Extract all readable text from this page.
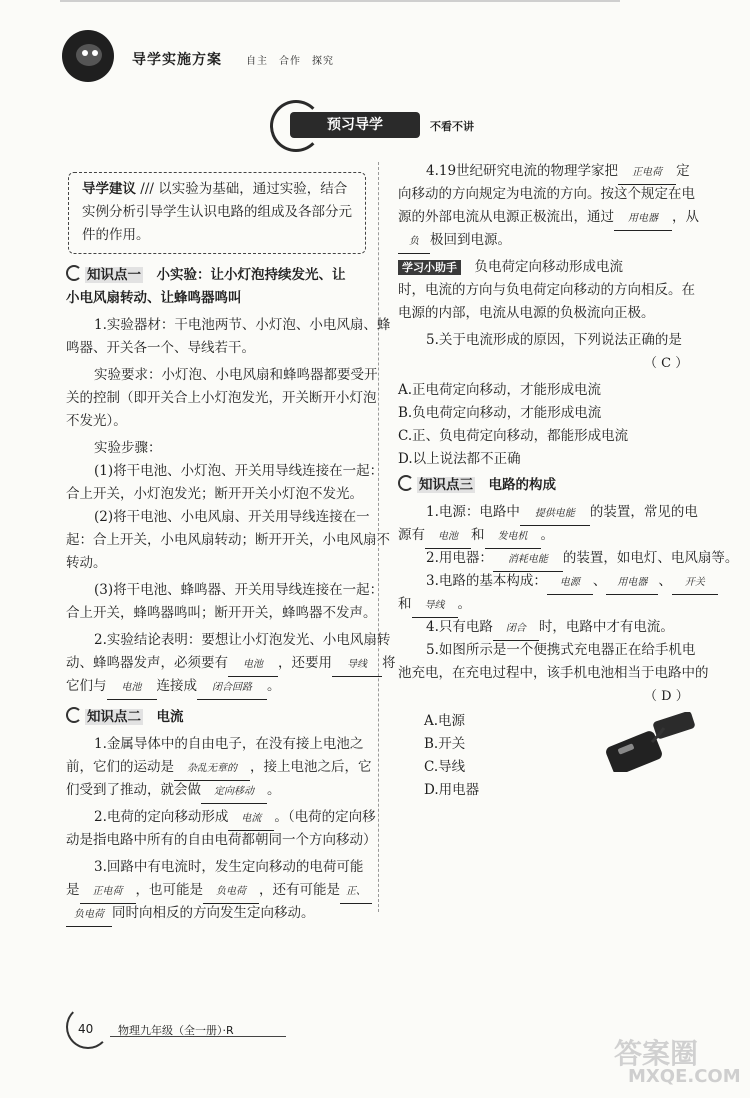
导学实施方案 自主　合作　探究
预习导学	不看不讲
导学建议 /// 以实验为基础，通过实验，结合实例分析引导学生认识电路的组成及各部分元件的作用。
知识点一　 小实验：让小灯泡持续发光、让
小电风扇转动、让蜂鸣器鸣叫
1.实验器材：干电池两节、小灯泡、小电风扇、蜂
鸣器、开关各一个、导线若干。
实验要求：小灯泡、小电风扇和蜂鸣器都要受开
关的控制（即开关合上小灯泡发光，开关断开小灯泡
不发光）。
实验步骤：
(1)将干电池、小灯泡、开关用导线连接在一起：
合上开关，小灯泡发光；断开开关小灯泡不发光。
(2)将干电池、小电风扇、开关用导线连接在一
起：合上开关，小电风扇转动；断开开关，小电风扇不
转动。
(3)将干电池、蜂鸣器、开关用导线连接在一起：
合上开关，蜂鸣器鸣叫；断开开关，蜂鸣器不发声。
2.实验结论表明：要想让小灯泡发光、小电风扇转
动、蜂鸣器发声，必须要有 电池 ，还要用 导线 将
它们与 电池 连接成 闭合回路 。
知识点二　 电流
1.金属导体中的自由电子，在没有接上电池之
前，它们的运动是 杂乱无章的 ，接上电池之后，它
们受到了推动，就会做 定向移动 。
2.电荷的定向移动形成 电流 。（电荷的定向移
动是指电路中所有的自由电荷都朝同一个方向移动）
3.回路中有电流时，发生定向移动的电荷可能
是 正电荷 ，也可能是 负电荷 ，还有可能是 正、
负电荷 同时向相反的方向发生定向移动。
4.19世纪研究电流的物理学家把 正电荷 定
向移动的方向规定为电流的方向。按这个规定在电
源的外部电流从电源正极流出，通过 用电器 ，从
负 极回到电源。
学习小助手　 负电荷定向移动形成电流
时，电流的方向与负电荷定向移动的方向相反。在
电源的内部，电流从电源的负极流向正极。
5.关于电流形成的原因，下列说法正确的是
（ C ）
A.正电荷定向移动，才能形成电流
B.负电荷定向移动，才能形成电流
C.正、负电荷定向移动，都能形成电流
D.以上说法都不正确
知识点三　 电路的构成
1.电源：电路中 提供电能 的装置，常见的电
源有 电池 和 发电机 。
2.用电器： 消耗电能 的装置，如电灯、电风扇等。
3.电路的基本构成： 电源 、 用电器 、 开关
和 导线 。
4.只有电路 闭合 时，电路中才有电流。
5.如图所示是一个便携式充电器正在给手机电
池充电，在充电过程中，该手机电池相当于电路中的
（ D ）
A.电源
B.开关
C.导线
D.用电器
40 物理九年级（全一册）·R
答案圈
MXQE.COM
